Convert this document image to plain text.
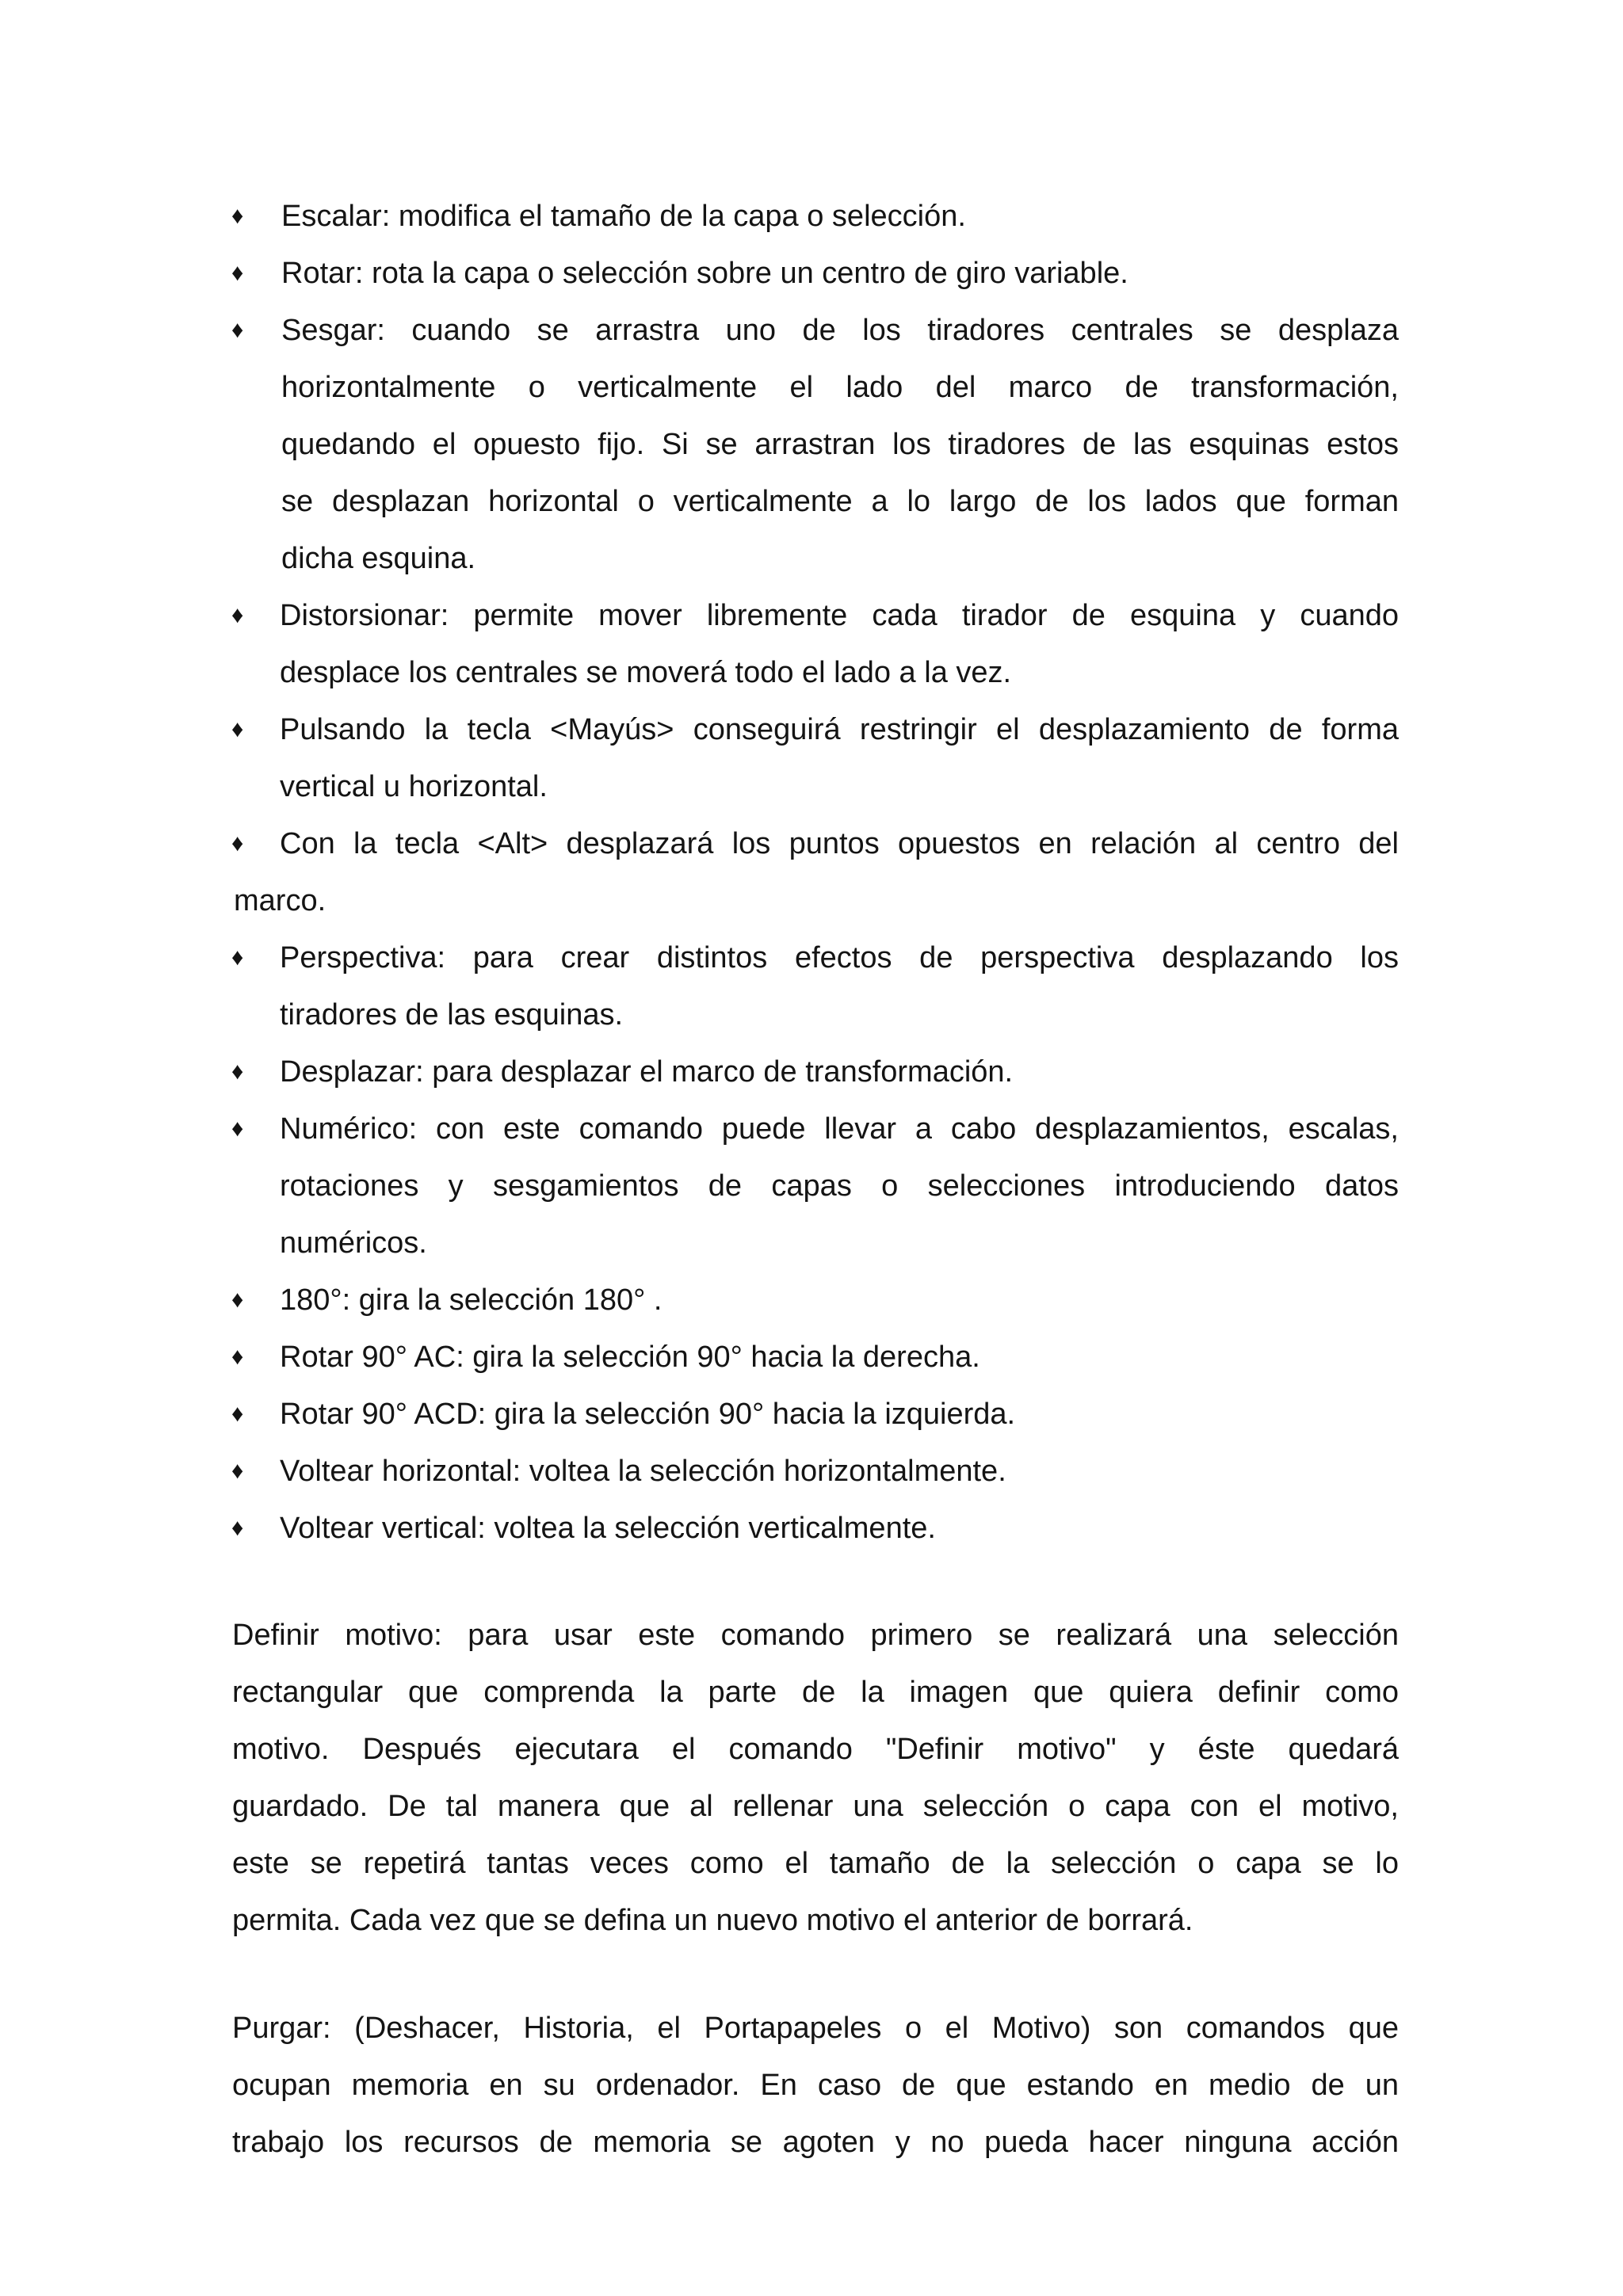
♦ Escalar: modifica el tamaño de la capa o selección.

♦ Rotar: rota la capa o selección sobre un centro de giro variable.

♦ Sesgar: cuando se arrastra uno de los tiradores centrales se desplaza

horizontalmente o verticalmente el lado del marco de transformación,

quedando el opuesto fijo. Si se arrastran los tiradores de las esquinas estos

se desplazan horizontal o verticalmente a lo largo de los lados que forman

dicha esquina.

♦ Distorsionar: permite mover libremente cada tirador de esquina y cuando

desplace los centrales se moverá todo el lado a la vez.

♦ Pulsando la tecla <Mayús> conseguirá restringir el desplazamiento de forma

vertical u horizontal.

♦ Con la tecla <Alt> desplazará los puntos opuestos en relación al centro del

marco.

♦ Perspectiva: para crear distintos efectos de perspectiva desplazando los

tiradores de las esquinas.

♦ Desplazar: para desplazar el marco de transformación.

♦ Numérico: con este comando puede llevar a cabo desplazamientos, escalas,

rotaciones y sesgamientos de capas o selecciones introduciendo datos

numéricos.

♦ 180°: gira la selección 180° .

♦ Rotar 90° AC: gira la selección 90° hacia la derecha.

♦ Rotar 90° ACD: gira la selección 90° hacia la izquierda.

♦ Voltear horizontal: voltea la selección horizontalmente.

♦ Voltear vertical: voltea la selección verticalmente.

Definir motivo: para usar este comando primero se realizará una selección

rectangular que comprenda la parte de la imagen que quiera definir como

motivo. Después ejecutara el comando "Definir motivo" y éste quedará

guardado. De tal manera que al rellenar una selección o capa con el motivo,

este se repetirá tantas veces como el tamaño de la selección o capa se lo

permita. Cada vez que se defina un nuevo motivo el anterior de borrará.

Purgar: (Deshacer, Historia, el Portapapeles o el Motivo) son comandos que

ocupan memoria en su ordenador. En caso de que estando en medio de un

trabajo los recursos de memoria se agoten y no pueda hacer ninguna acción
